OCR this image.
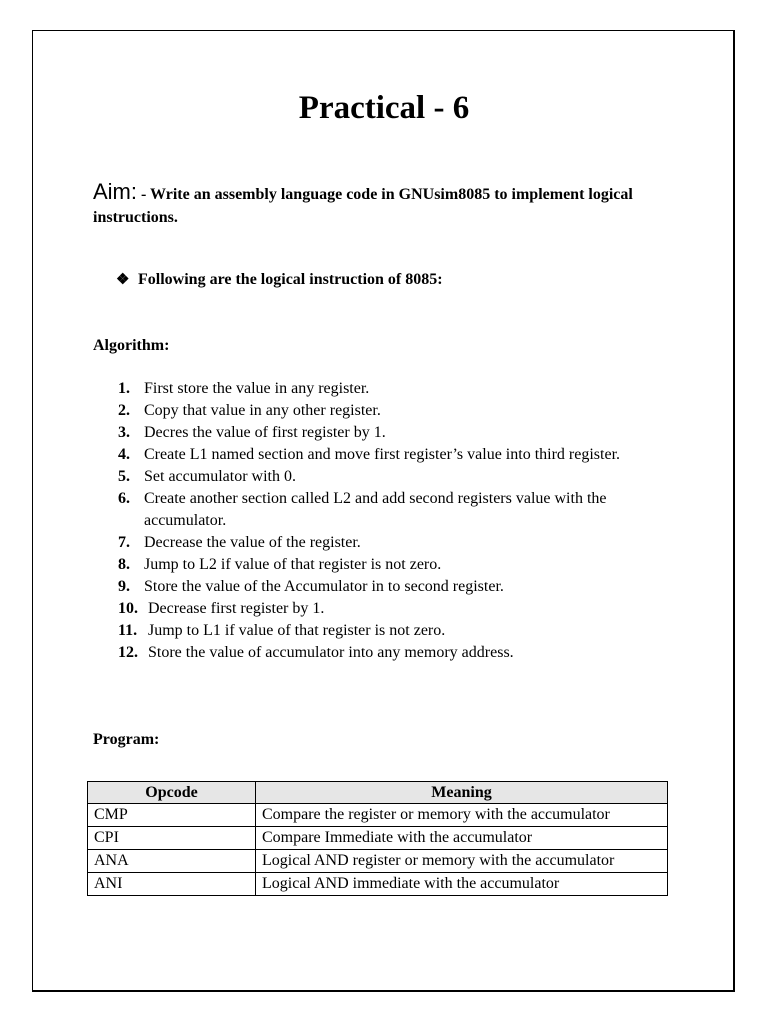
Practical - 6
Aim: - Write an assembly language code in GNUsim8085 to implement logical instructions.
❖ Following are the logical instruction of 8085:
Algorithm:
1. First store the value in any register.
2. Copy that value in any other register.
3. Decres the value of first register by 1.
4. Create L1 named section and move first register’s value into third register.
5. Set accumulator with 0.
6. Create another section called L2 and add second registers value with the accumulator.
7. Decrease the value of the register.
8. Jump to L2 if value of that register is not zero.
9. Store the value of the Accumulator in to second register.
10. Decrease first register by 1.
11. Jump to L1 if value of that register is not zero.
12. Store the value of accumulator into any memory address.
Program:
Opcode	Meaning
CMP	Compare the register or memory with the accumulator
CPI	Compare Immediate with the accumulator
ANA	Logical AND register or memory with the accumulator
ANI	Logical AND immediate with the accumulator
